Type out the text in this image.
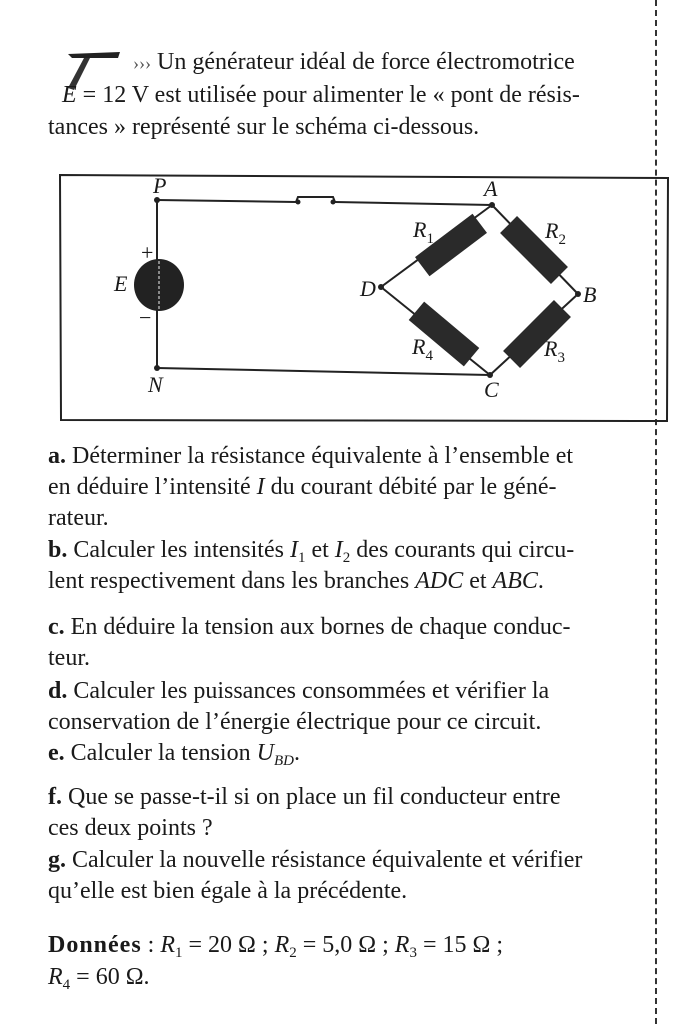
››› Un générateur idéal de force électromotrice
E = 12 V est utilisée pour alimenter le « pont de résis-
tances » représenté sur le schéma ci-dessous.
P	A
D	B
C
N
E
+
−
$R_1$	$R_2$
$R_3$
$R_4$
a. Déterminer la résistance équivalente à l’ensemble et
en déduire l’intensité I du courant débité par le géné-
rateur.
b. Calculer les intensités $I_1$ et $I_2$ des courants qui circu-
lent respectivement dans les branches ADC et ABC.
c. En déduire la tension aux bornes de chaque conduc-
teur.
d. Calculer les puissances consommées et vérifier la
conservation de l’énergie électrique pour ce circuit.
e. Calculer la tension $U_{BD}$.
f. Que se passe-t-il si on place un fil conducteur entre
ces deux points ?
g. Calculer la nouvelle résistance équivalente et vérifier
qu’elle est bien égale à la précédente.
Données : $R_1 = 20$ Ω ; $R_2 = 5,0$ Ω ; $R_3 = 15$ Ω ;
$R_4 = 60$ Ω.
